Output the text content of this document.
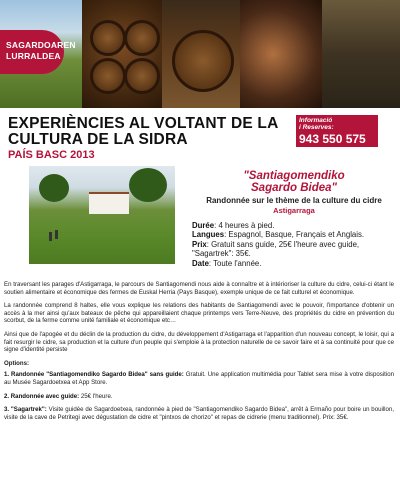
SAGARDOAREN
LURRALDEA
EXPERIÈNCIES AL VOLTANT DE LA CULTURA DE LA SIDRA
PAÍS BASC 2013
Informació
i Reserves:
943 550 575
"Santiagomendiko
Sagardo Bidea"
Randonnée sur le thème de la culture du cidre
Astigarraga
Durée: 4 heures à pied.
Langues: Espagnol, Basque, Français et Anglais.
Prix: Gratuit sans guide, 25€ l'heure avec guide, "Sagartrek": 35€.
Date: Toute l'année.

En traversant les parages d'Astigarraga, le parcours de Santiagomendi nous aide à connaître et à intérioriser la culture du cidre, celui-ci étant le soutien alimentaire et économique des fermes de Euskal Herria (Pays Basque), exemple unique de ce fait culturel et économique.

La randonnée comprend 8 haltes, elle vous explique les relations des habitants de Santiagomendi avec le pouvoir, l'importance d'obtenir un accès à la mer ainsi qu'aux bateaux de pêche qui appareillaient chaque printemps vers Terre-Neuve, des propriétés du cidre en prévention du scorbut, de la ferme comme unité familiale et économique etc…

Ainsi que de l'apogée et du déclin de la production du cidre, du développement d'Astigarraga et l'apparition d'un nouveau concept, le loisir, qui a fait resurgir le cidre, sa production et la culture d'un peuple qui s'emploie à la protection naturelle de ce savoir faire et à sa continuité pour que ce signe d'identité persiste

Options:

1. Randonnée "Santiagomendiko Sagardo Bidea" sans guide: Gratuit. Une application multimédia pour Tablet sera mise à votre disposition au Musée Sagardoetxea et App Store.

2. Randonnée avec guide: 25€ l'heure.

3. "Sagartrek": Visite guidée de Sagardoetxea, randonnée à pied de "Santiagomendiko Sagardo Bidea", arrêt à Ermaño pour boire un bouillon, visite de la cave de Petritegi avec dégustation de cidre et "pintxos de chorizo" et repas de cidrerie (menu traditionnel). Prix: 35€.
